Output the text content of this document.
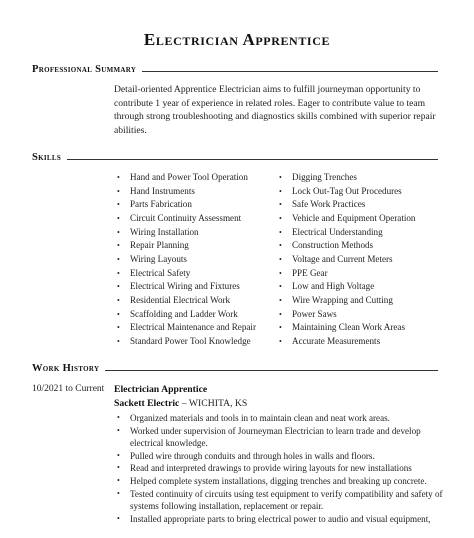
Electrician Apprentice
Professional Summary
Detail-oriented Apprentice Electrician aims to fulfill journeyman opportunity to contribute 1 year of experience in related roles. Eager to contribute value to team through strong troubleshooting and diagnostics skills combined with superior repair abilities.
Skills
• Hand and Power Tool Operation
• Hand Instruments
• Parts Fabrication
• Circuit Continuity Assessment
• Wiring Installation
• Repair Planning
• Wiring Layouts
• Electrical Safety
• Electrical Wiring and Fixtures
• Residential Electrical Work
• Scaffolding and Ladder Work
• Electrical Maintenance and Repair
• Standard Power Tool Knowledge
• Digging Trenches
• Lock Out-Tag Out Procedures
• Safe Work Practices
• Vehicle and Equipment Operation
• Electrical Understanding
• Construction Methods
• Voltage and Current Meters
• PPE Gear
• Low and High Voltage
• Wire Wrapping and Cutting
• Power Saws
• Maintaining Clean Work Areas
• Accurate Measurements
Work History
10/2021 to Current Electrician Apprentice
Sackett Electric – WICHITA, KS
• Organized materials and tools in to maintain clean and neat work areas.
• Worked under supervision of Journeyman Electrician to learn trade and develop electrical knowledge.
• Pulled wire through conduits and through holes in walls and floors.
• Read and interpreted drawings to provide wiring layouts for new installations
• Helped complete system installations, digging trenches and breaking up concrete.
• Tested continuity of circuits using test equipment to verify compatibility and safety of systems following installation, replacement or repair.
• Installed appropriate parts to bring electrical power to audio and visual equipment,
